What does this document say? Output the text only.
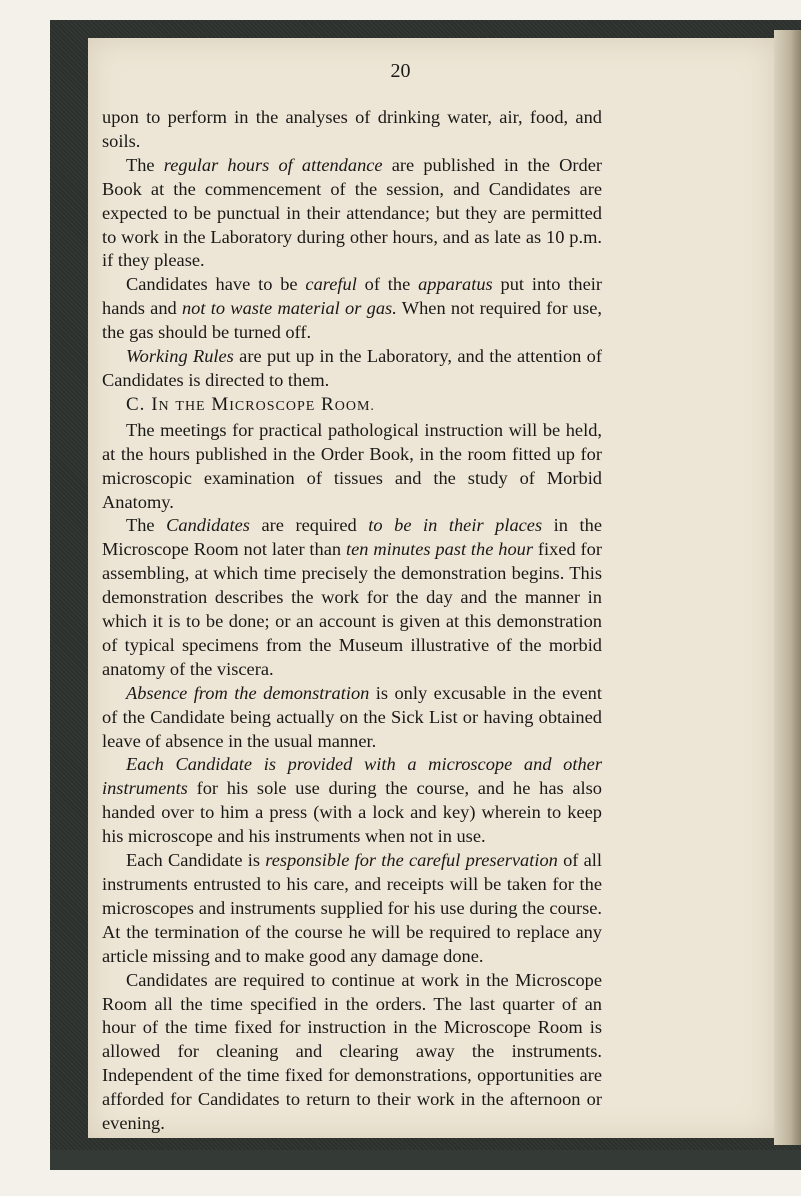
20

upon to perform in the analyses of drinking water, air, food, and soils.

The regular hours of attendance are published in the Order Book at the commencement of the session, and Candidates are expected to be punctual in their attendance; but they are permitted to work in the Laboratory during other hours, and as late as 10 p.m. if they please.

Candidates have to be careful of the apparatus put into their hands and not to waste material or gas. When not required for use, the gas should be turned off.

Working Rules are put up in the Laboratory, and the attention of Candidates is directed to them.

C. IN THE MICROSCOPE ROOM.

The meetings for practical pathological instruction will be held, at the hours published in the Order Book, in the room fitted up for microscopic examination of tissues and the study of Morbid Anatomy.

The Candidates are required to be in their places in the Microscope Room not later than ten minutes past the hour fixed for assembling, at which time precisely the demonstration begins. This demonstration describes the work for the day and the manner in which it is to be done; or an account is given at this demonstration of typical specimens from the Museum illustrative of the morbid anatomy of the viscera.

Absence from the demonstration is only excusable in the event of the Candidate being actually on the Sick List or having obtained leave of absence in the usual manner.

Each Candidate is provided with a microscope and other instruments for his sole use during the course, and he has also handed over to him a press (with a lock and key) wherein to keep his microscope and his instruments when not in use.

Each Candidate is responsible for the careful preservation of all instruments entrusted to his care, and receipts will be taken for the microscopes and instruments supplied for his use during the course. At the termination of the course he will be required to replace any article missing and to make good any damage done.

Candidates are required to continue at work in the Microscope Room all the time specified in the orders. The last quarter of an hour of the time fixed for instruction in the Microscope Room is allowed for cleaning and clearing away the instruments. Independent of the time fixed for demonstrations, opportunities are afforded for Candidates to return to their work in the afternoon or evening.
